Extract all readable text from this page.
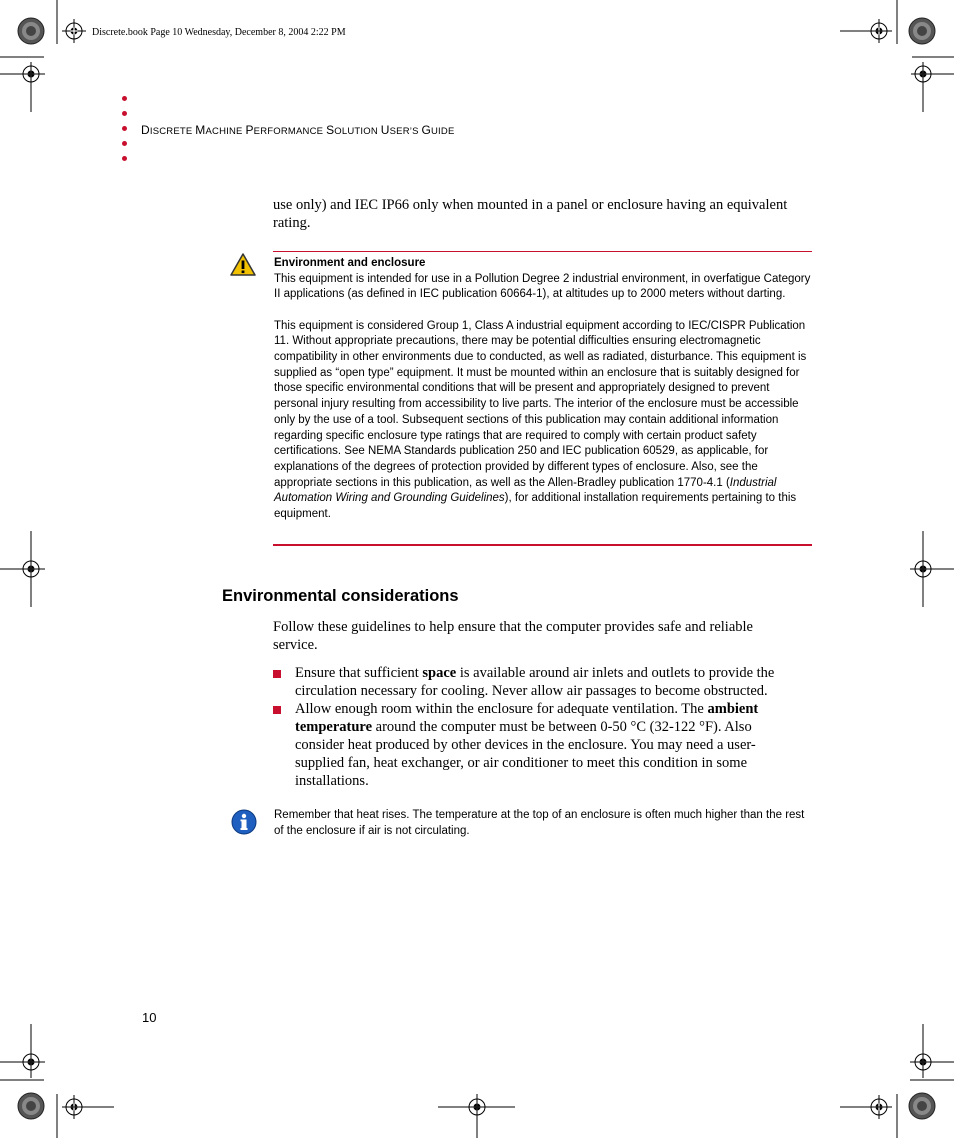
Discrete.book Page 10 Wednesday, December 8, 2004 2:22 PM
DISCRETE MACHINE PERFORMANCE SOLUTION USER’S GUIDE
use only) and IEC IP66 only when mounted in a panel or enclosure having an equivalent rating.
Environment and enclosure
This equipment is intended for use in a Pollution Degree 2 industrial environment, in overfatigue Category II applications (as defined in IEC publication 60664-1), at altitudes up to 2000 meters without darting.
This equipment is considered Group 1, Class A industrial equipment according to IEC/CISPR Publication 11. Without appropriate precautions, there may be potential difficulties ensuring electromagnetic compatibility in other environments due to conducted, as well as radiated, disturbance. This equipment is supplied as “open type” equipment. It must be mounted within an enclosure that is suitably designed for those specific environmental conditions that will be present and appropriately designed to prevent personal injury resulting from accessibility to live parts. The interior of the enclosure must be accessible only by the use of a tool. Subsequent sections of this publication may contain additional information regarding specific enclosure type ratings that are required to comply with certain product safety certifications. See NEMA Standards publication 250 and IEC publication 60529, as applicable, for explanations of the degrees of protection provided by different types of enclosure. Also, see the appropriate sections in this publication, as well as the Allen-Bradley publication 1770-4.1 (Industrial Automation Wiring and Grounding Guidelines), for additional installation requirements pertaining to this equipment.
Environmental considerations
Follow these guidelines to help ensure that the computer provides safe and reliable service.
Ensure that sufficient space is available around air inlets and outlets to provide the circulation necessary for cooling. Never allow air passages to become obstructed.
Allow enough room within the enclosure for adequate ventilation. The ambient temperature around the computer must be between 0-50 °C (32-122 °F). Also consider heat produced by other devices in the enclosure. You may need a user-supplied fan, heat exchanger, or air conditioner to meet this condition in some installations.
Remember that heat rises. The temperature at the top of an enclosure is often much higher than the rest of the enclosure if air is not circulating.
10
